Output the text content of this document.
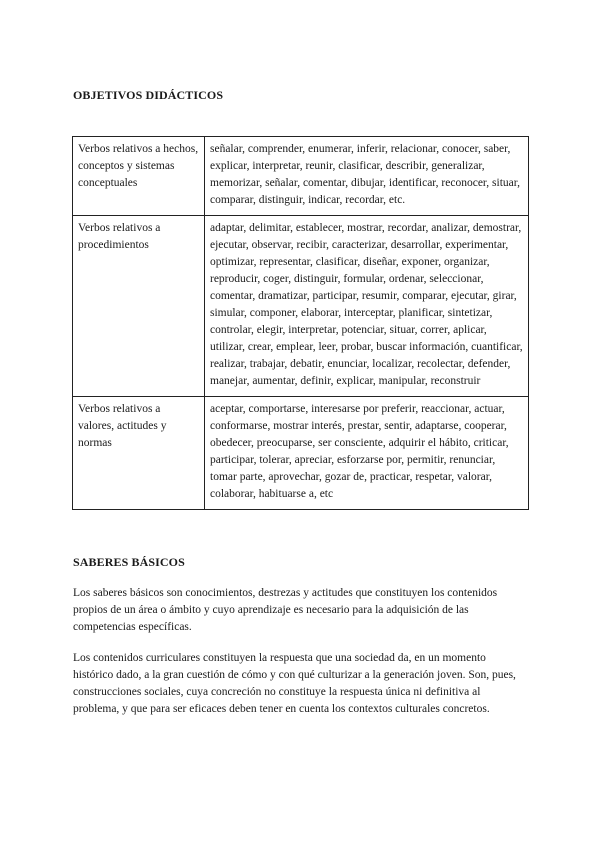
OBJETIVOS DIDÁCTICOS
Verbos relativos a hechos, conceptos y sistemas conceptuales	señalar, comprender, enumerar, inferir, relacionar, conocer, saber, explicar, interpretar, reunir, clasificar, describir, generalizar, memorizar, señalar, comentar, dibujar, identificar, reconocer, situar, comparar, distinguir, indicar, recordar, etc.
Verbos relativos a procedimientos	adaptar, delimitar, establecer, mostrar, recordar, analizar, demostrar, ejecutar, observar, recibir, caracterizar, desarrollar, experimentar, optimizar, representar, clasificar, diseñar, exponer, organizar, reproducir, coger, distinguir, formular, ordenar, seleccionar, comentar, dramatizar, participar, resumir, comparar, ejecutar, girar, simular, componer, elaborar, interceptar, planificar, sintetizar, controlar, elegir, interpretar, potenciar, situar, correr, aplicar, utilizar, crear, emplear, leer, probar, buscar información, cuantificar, realizar, trabajar, debatir, enunciar, localizar, recolectar, defender, manejar, aumentar, definir, explicar, manipular, reconstruir
Verbos relativos a valores, actitudes y normas	aceptar, comportarse, interesarse por preferir, reaccionar, actuar, conformarse, mostrar interés, prestar, sentir, adaptarse, cooperar, obedecer, preocuparse, ser consciente, adquirir el hábito, criticar, participar, tolerar, apreciar, esforzarse por, permitir, renunciar, tomar parte, aprovechar, gozar de, practicar, respetar, valorar, colaborar, habituarse a, etc
SABERES BÁSICOS

Los saberes básicos son conocimientos, destrezas y actitudes que constituyen los contenidos propios de un área o ámbito y cuyo aprendizaje es necesario para la adquisición de las competencias específicas.

Los contenidos curriculares constituyen la respuesta que una sociedad da, en un momento histórico dado, a la gran cuestión de cómo y con qué culturizar a la generación joven. Son, pues, construcciones sociales, cuya concreción no constituye la respuesta única ni definitiva al problema, y que para ser eficaces deben tener en cuenta los contextos culturales concretos.
